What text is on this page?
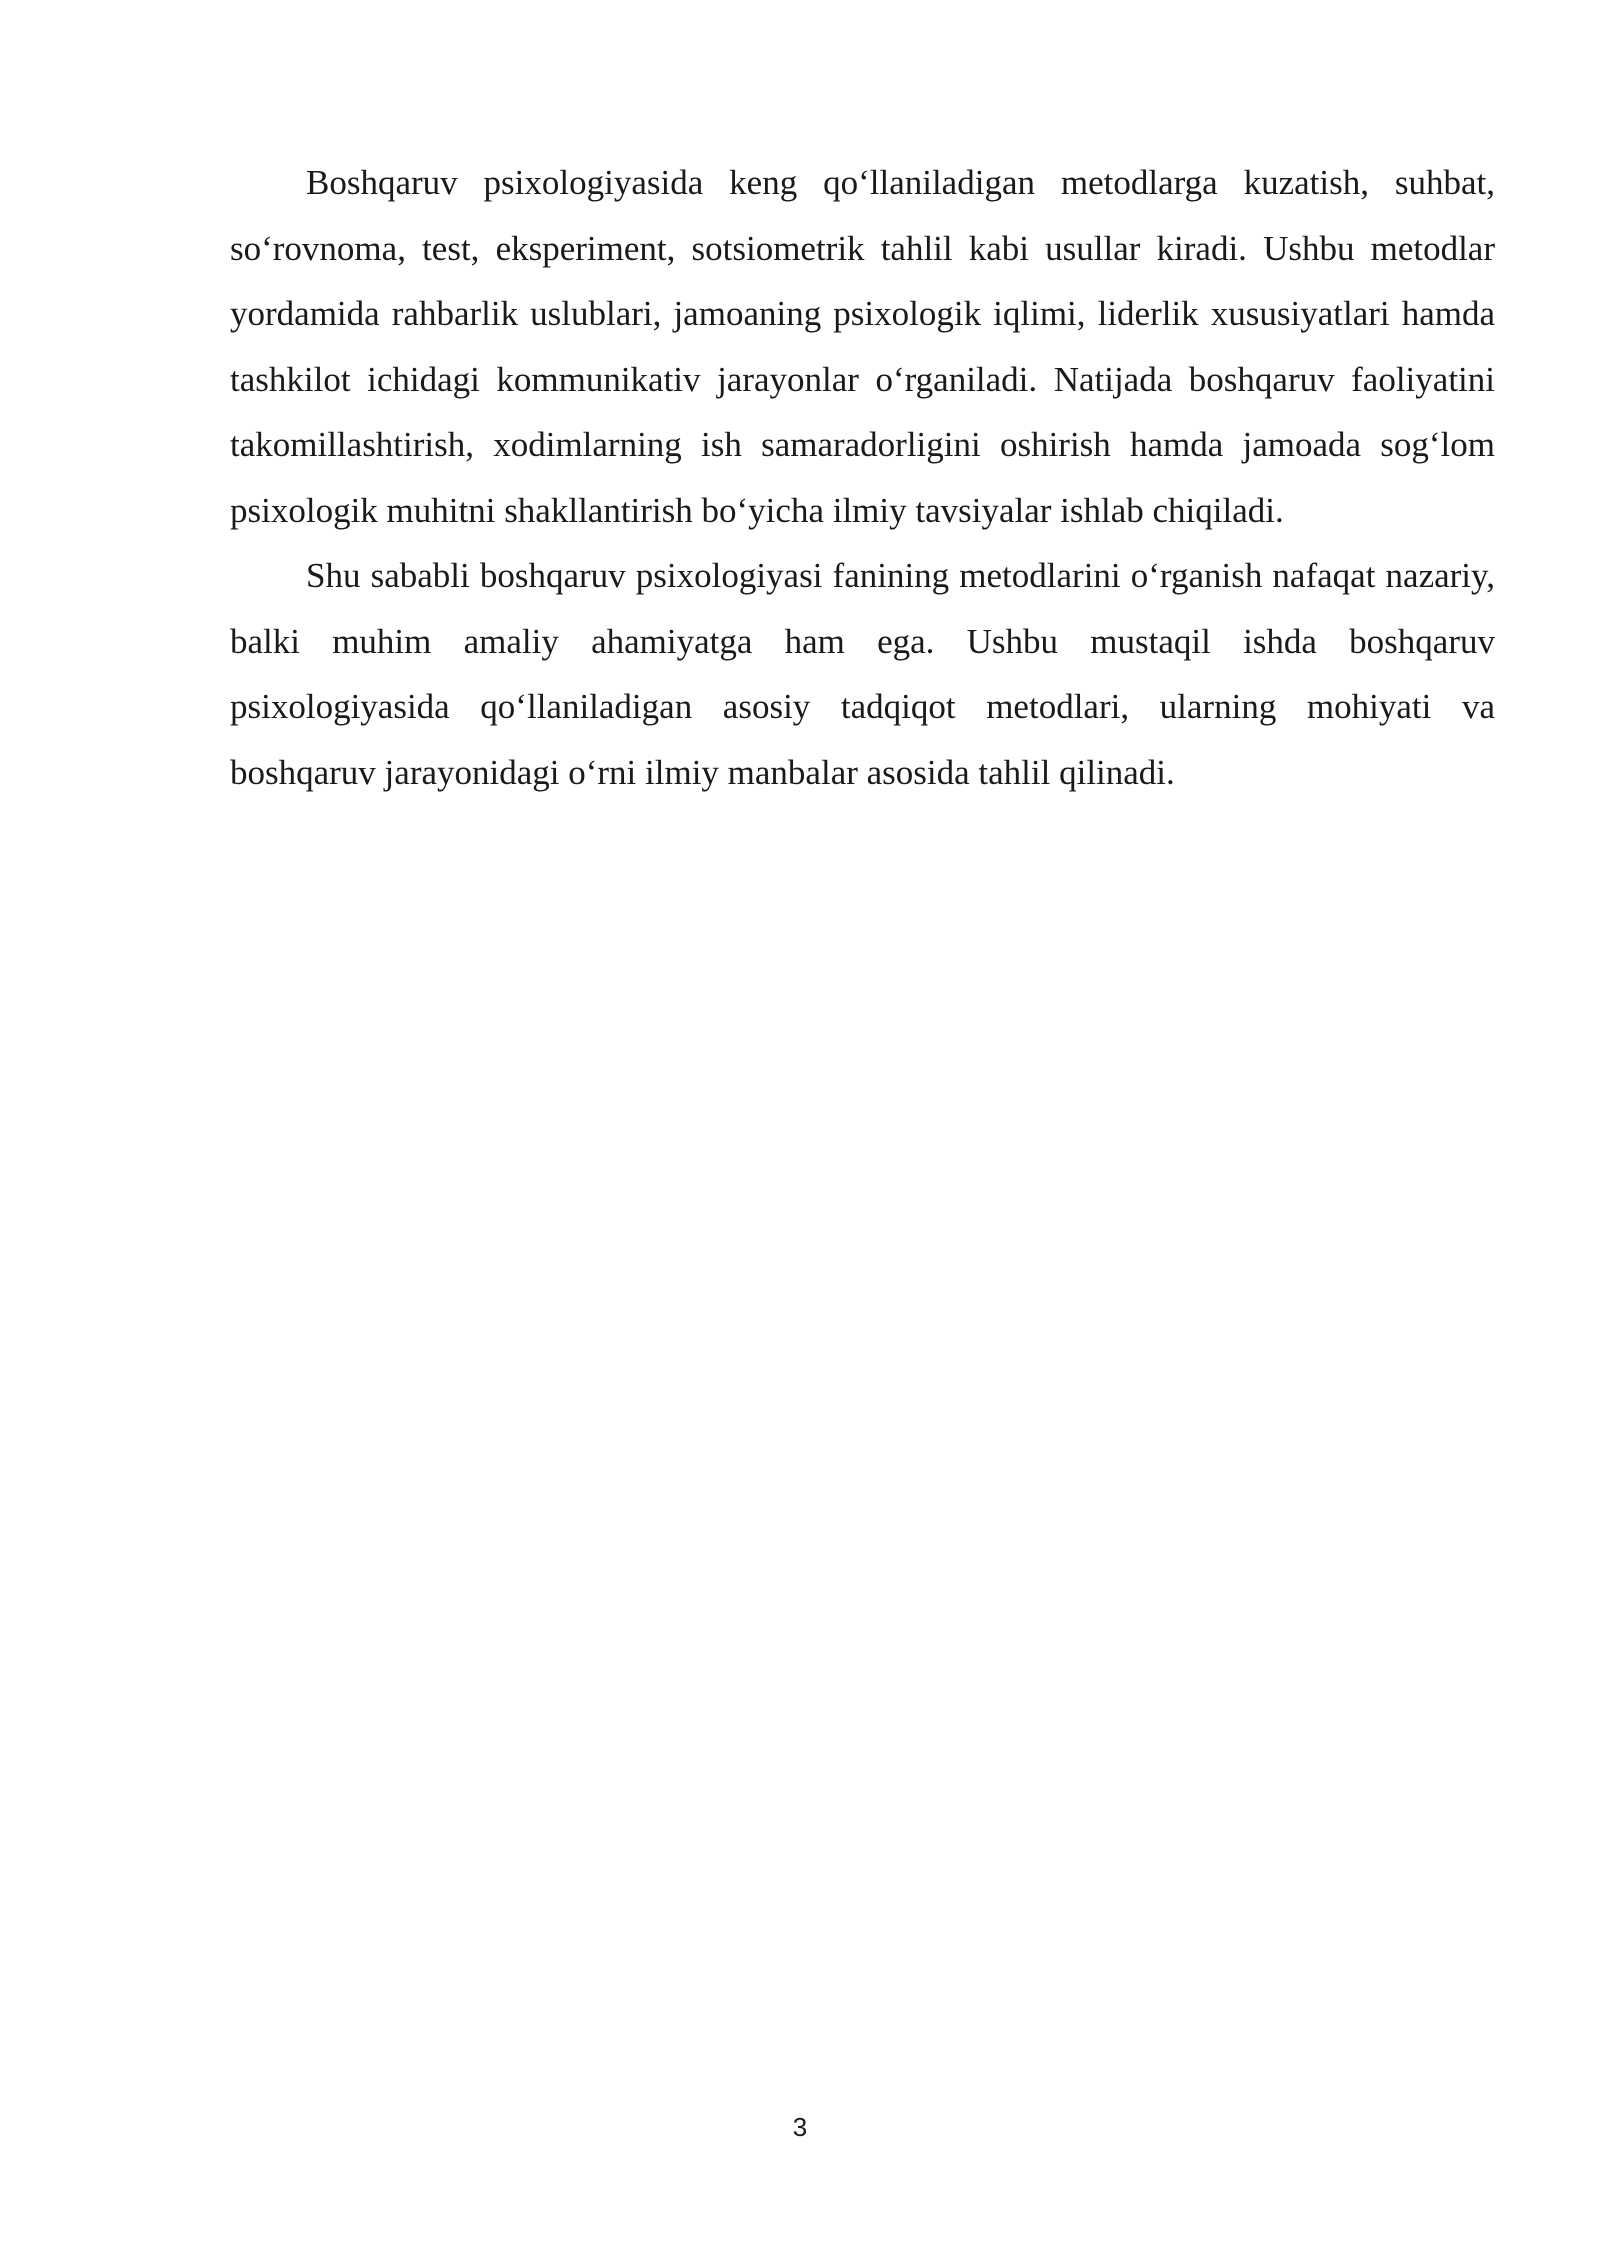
Boshqaruv psixologiyasida keng qo‘llaniladigan metodlarga kuzatish, suhbat, so‘rovnoma, test, eksperiment, sotsiometrik tahlil kabi usullar kiradi. Ushbu metodlar yordamida rahbarlik uslublari, jamoaning psixologik iqlimi, liderlik xususiyatlari hamda tashkilot ichidagi kommunikativ jarayonlar o‘rganiladi. Natijada boshqaruv faoliyatini takomillashtirish, xodimlarning ish samaradorligini oshirish hamda jamoada sog‘lom psixologik muhitni shakllantirish bo‘yicha ilmiy tavsiyalar ishlab chiqiladi.

Shu sababli boshqaruv psixologiyasi fanining metodlarini o‘rganish nafaqat nazariy, balki muhim amaliy ahamiyatga ham ega. Ushbu mustaqil ishda boshqaruv psixologiyasida qo‘llaniladigan asosiy tadqiqot metodlari, ularning mohiyati va boshqaruv jarayonidagi o‘rni ilmiy manbalar asosida tahlil qilinadi.

3
